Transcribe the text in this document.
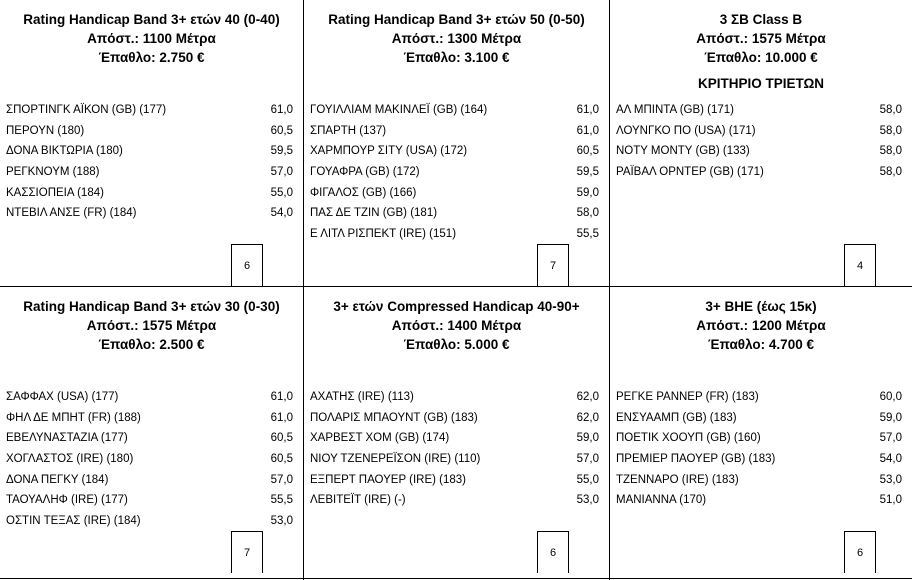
Rating Handicap Band 3+ ετών 40 (0-40)
Απόστ.: 1100 Μέτρα
Έπαθλο: 2.750 €
ΣΠΟΡΤΙΝΓΚ ΑΪΚΟΝ (GB) (177)	61,0
ΠΕΡΟΥΝ (180)	60,5
ΔΟΝΑ ΒΙΚΤΩΡΙΑ (180)	59,5
ΡΕΓΚΝΟΥΜ (188)	57,0
ΚΑΣΣΙΟΠΕΙΑ (184)	55,0
ΝΤΕΒΙΛ ΑΝΣΕ (FR) (184)	54,0
6
Rating Handicap Band 3+ ετών 50 (0-50)
Απόστ.: 1300 Μέτρα
Έπαθλο: 3.100 €
ΓΟΥΙΛΛΙΑΜ ΜΑΚΙΝΛΕΪ (GB) (164)	61,0
ΣΠΑΡΤΗ (137)	61,0
ΧΑΡΜΠΟΥΡ ΣΙΤΥ (USA) (172)	60,5
ΓΟΥΑΦΡΑ (GB) (172)	59,5
ΦΙΓΑΛΟΣ (GB) (166)	59,0
ΠΑΣ ΔΕ ΤΖΙΝ (GB) (181)	58,0
Ε ΛΙΤΛ ΡΙΣΠΕΚΤ (IRE) (151)	55,5
7
3 ΣΒ Class B
Απόστ.: 1575 Μέτρα
Έπαθλο: 10.000 €
ΚΡΙΤΗΡΙΟ ΤΡΙΕΤΩΝ
ΑΛ ΜΠΙΝΤΑ (GB) (171)	58,0
ΛΟΥΝΓΚΟ ΠΟ (USA) (171)	58,0
ΝΟΤΥ ΜΟΝΤΥ (GB) (133)	58,0
ΡΑΪΒΑΛ ΟΡΝΤΕΡ (GB) (171)	58,0
4
Rating Handicap Band 3+ ετών 30 (0-30)
Απόστ.: 1575 Μέτρα
Έπαθλο: 2.500 €
ΣΑΦΦΑΧ (USA) (177)	61,0
ΦΗΛ ΔΕ ΜΠΗΤ (FR) (188)	61,0
ΕΒΕΛΥΝΑΣΤΑΖΙΑ (177)	60,5
ΧΟΓΛΑΣΤΟΣ (IRE) (180)	60,5
ΔΟΝΑ ΠΕΓΚΥ (184)	57,0
ΤΑΟΥΑΛΗΦ (IRE) (177)	55,5
ΟΣΤΙΝ ΤΕΞΑΣ (IRE) (184)	53,0
7
3+ ετών Compressed Handicap 40-90+
Απόστ.: 1400 Μέτρα
Έπαθλο: 5.000 €
ΑΧΑΤΗΣ (IRE) (113)	62,0
ΠΟΛΑΡΙΣ ΜΠΑΟΥΝΤ (GB) (183)	62,0
ΧΑΡΒΕΣΤ ΧΟΜ (GB) (174)	59,0
ΝΙΟΥ ΤΖΕΝΕΡΕΪΣΟΝ (IRE) (110)	57,0
ΕΞΠΕΡΤ ΠΑΟΥΕΡ (IRE) (183)	55,0
ΛΕΒΙΤΕΪΤ (IRE) (-)	53,0
6
3+ ΒΗΕ (έως 15κ)
Απόστ.: 1200 Μέτρα
Έπαθλο: 4.700 €
ΡΕΓΚΕ ΡΑΝΝΕΡ (FR) (183)	60,0
ΕΝΣΥΑΑΜΠ (GB) (183)	59,0
ΠΟΕΤΙΚ ΧΟΟΥΠ (GB) (160)	57,0
ΠΡΕΜΙΕΡ ΠΑΟΥΕΡ (GB) (183)	54,0
ΤΖΕΝΝΑΡΟ (IRE) (183)	53,0
ΜΑΝΙΑΝΝΑ (170)	51,0
6
